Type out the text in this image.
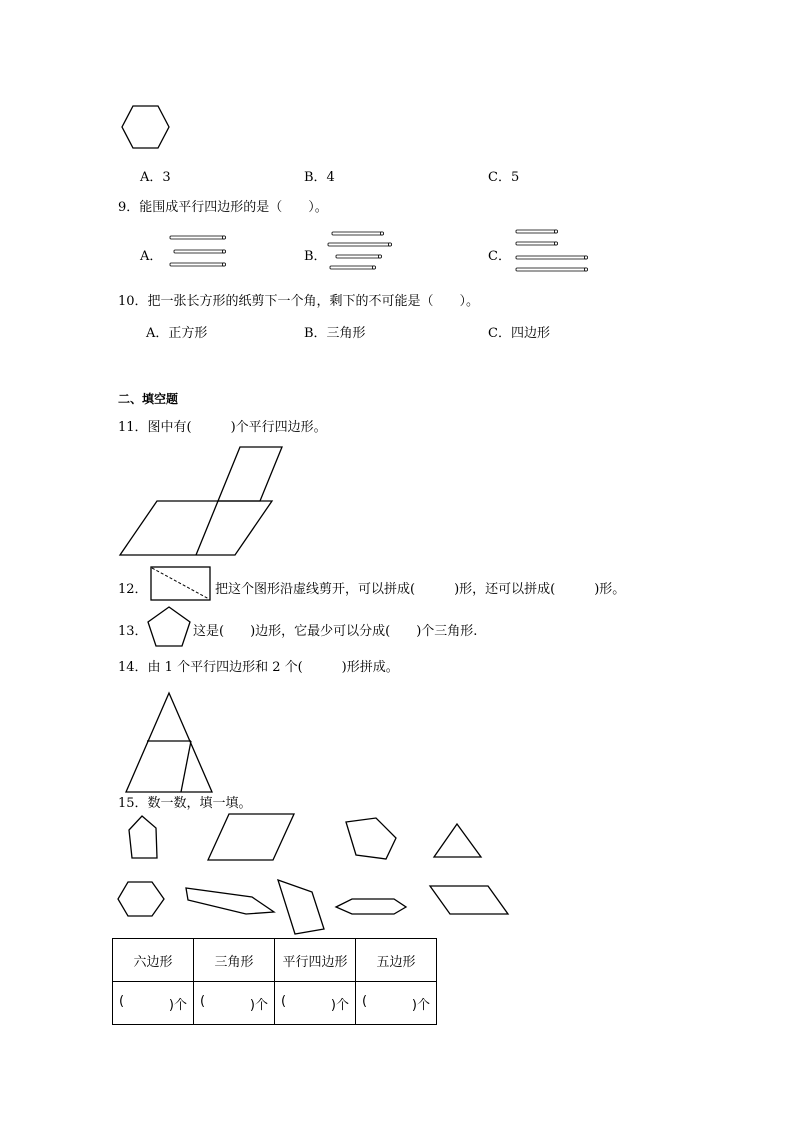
A．3	B．4	C．5
9．能围成平行四边形的是（　　）。
A．	B．	C．
10．把一张长方形的纸剪下一个角，剩下的不可能是（　　）。
A．正方形	B．三角形	C．四边形
二、填空题
11．图中有(　　　)个平行四边形。
12．	把这个图形沿虚线剪开，可以拼成(　　　)形，还可以拼成(　　　)形。
13．	这是(　　)边形，它最少可以分成(　　)个三角形.
14．由 1 个平行四边形和 2 个(　　　)形拼成。
15．数一数，填一填。
六边形	三角形	平行四边形	五边形

( )个	( )个	( )个	( )个
